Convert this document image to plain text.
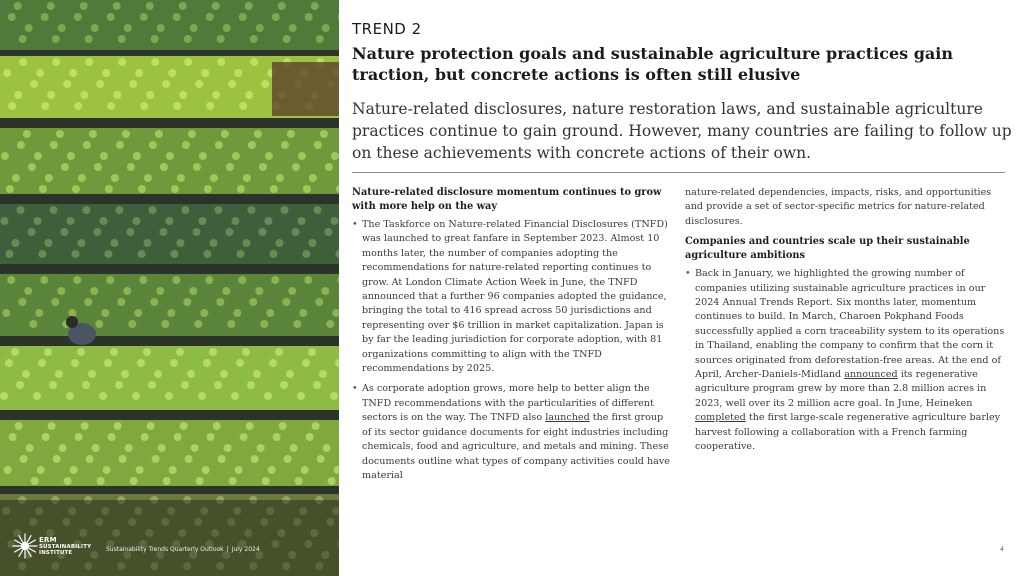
ERM
SUSTAINABILITY
INSTITUTE	Sustainability Trends Quarterly Outlook | July 2024
TREND 2
Nature protection goals and sustainable agriculture practices gain traction, but concrete actions is often still elusive
Nature-related disclosures, nature restoration laws, and sustainable agriculture practices continue to gain ground. However, many countries are failing to follow up on these achievements with concrete actions of their own.

Nature-related disclosure momentum continues to grow with more help on the way

• The Taskforce on Nature-related Financial Disclosures (TNFD) was launched to great fanfare in September 2023. Almost 10 months later, the number of companies adopting the recommendations for nature-related reporting continues to grow. At London Climate Action Week in June, the TNFD announced that a further 96 companies adopted the guidance, bringing the total to 416 spread across 50 jurisdictions and representing over $6 trillion in market capitalization. Japan is by far the leading jurisdiction for corporate adoption, with 81 organizations committing to align with the TNFD recommendations by 2025.

• As corporate adoption grows, more help to better align the TNFD recommendations with the particularities of different sectors is on the way. The TNFD also launched the first group of its sector guidance documents for eight industries including chemicals, food and agriculture, and metals and mining. These documents outline what types of company activities could have material

nature-related dependencies, impacts, risks, and opportunities and provide a set of sector-specific metrics for nature-related disclosures.

Companies and countries scale up their sustainable agriculture ambitions

• Back in January, we highlighted the growing number of companies utilizing sustainable agriculture practices in our 2024 Annual Trends Report. Six months later, momentum continues to build. In March, Charoen Pokphand Foods successfully applied a corn traceability system to its operations in Thailand, enabling the company to confirm that the corn it sources originated from deforestation-free areas. At the end of April, Archer-Daniels-Midland announced its regenerative agriculture program grew by more than 2.8 million acres in 2023, well over its 2 million acre goal. In June, Heineken completed the first large-scale regenerative agriculture barley harvest following a collaboration with a French farming cooperative.

4
